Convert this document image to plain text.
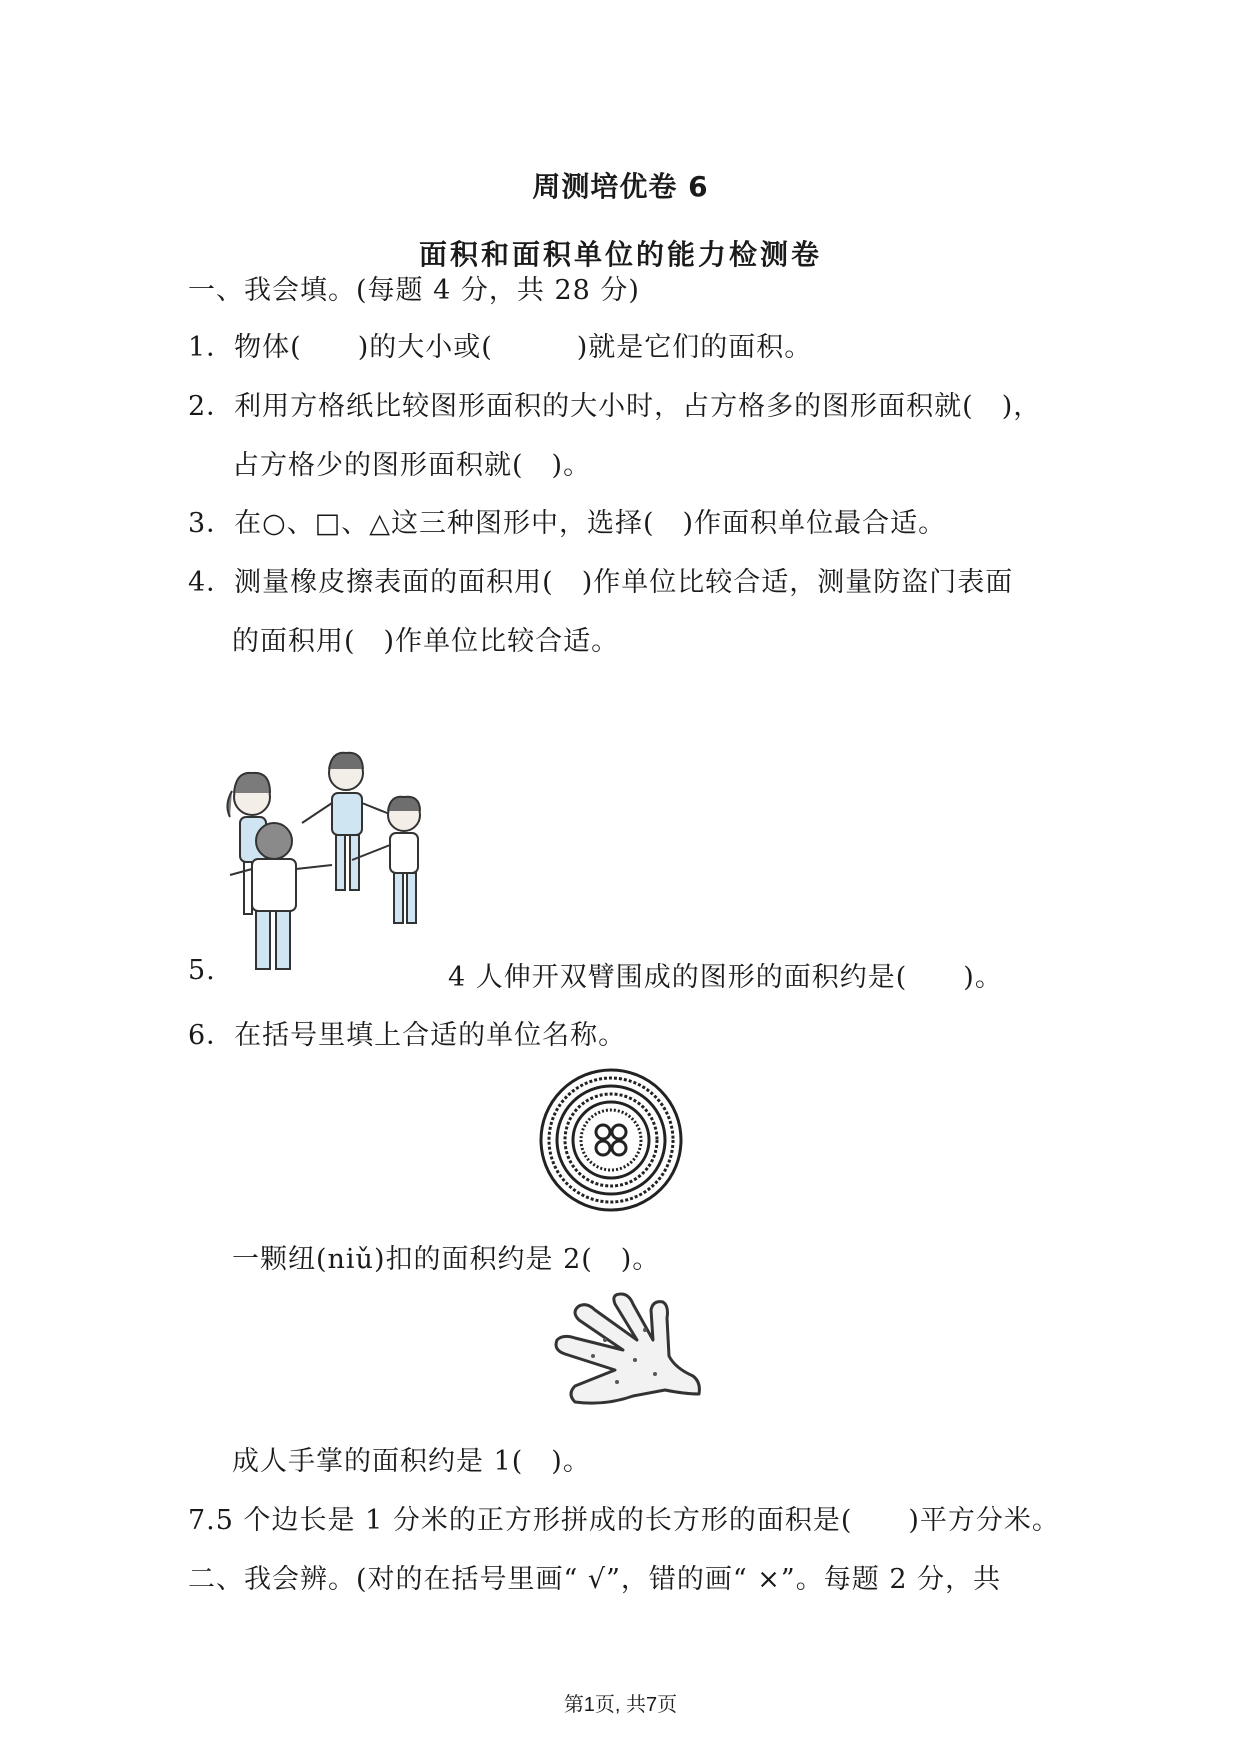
周测培优卷 6
面积和面积单位的能力检测卷
一、我会填。(每题 4 分，共 28 分)
1．物体(　　)的大小或(　　　)就是它们的面积。
2．利用方格纸比较图形面积的大小时，占方格多的图形面积就(　)，
占方格少的图形面积就(　)。
3．在○、□、△这三种图形中，选择(　)作面积单位最合适。
4．测量橡皮擦表面的面积用(　)作单位比较合适，测量防盗门表面
的面积用(　)作单位比较合适。
5.	4 人伸开双臂围成的图形的面积约是(　　)。
6．在括号里填上合适的单位名称。
一颗纽(niǔ)扣的面积约是 2(　)。
成人手掌的面积约是 1(　)。
7.5 个边长是 1 分米的正方形拼成的长方形的面积是(　　)平方分米。
二、我会辨。(对的在括号里画“ √”，错的画“ ×”。每题 2 分，共
第1页, 共7页
